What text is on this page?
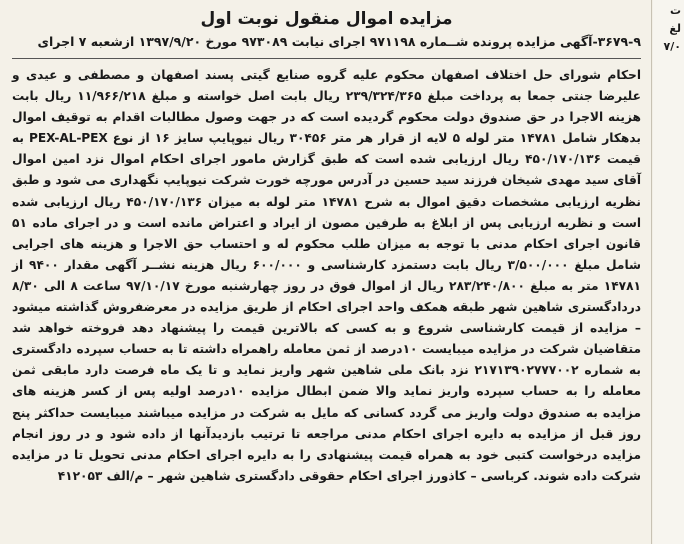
مزایده اموال منقول نوبت اول
۳۶۷۹-۹-آگهی مزایده پرونده شــماره ۹۷۱۱۹۸ اجرای نیابت ۹۷۳۰۸۹ مورخ ۱۳۹۷/۹/۲۰ ازشعبه ۷ اجرای
احکام شورای حل اختلاف اصفهان محکوم علیه گروه صنایع گیتی پسند اصفهان و مصطفی و عیدی و علیرضا جنتی جمعا به پرداخت مبلغ ۲۳۹/۳۲۴/۳۶۵ ریال بابت اصل خواسته و مبلغ ۱۱/۹۶۶/۲۱۸ ریال بابت هزینه الاجرا در حق صندوق دولت محکوم گردیده است که در جهت وصول مطالبات اقدام به توقیف اموال بدهکار شامل ۱۴۷۸۱ متر لوله ۵ لایه از قرار هر متر ۳۰۴۵۶ ریال نیوپایپ سایز ۱۶ از نوع PEX-AL-PEX به قیمت ۴۵۰/۱۷۰/۱۳۶ ریال ارزیابی شده است که طبق گزارش مامور اجرای احکام اموال نزد امین اموال آقای سید مهدی شیخان فرزند سید حسین در آدرس مورچه خورت شرکت نیوپایپ نگهداری می شود و طبق نظریه ارزیابی مشخصات دقیق اموال به شرح ۱۴۷۸۱ متر لوله به میزان ۴۵۰/۱۷۰/۱۳۶ ریال ارزیابی شده است و نظریه ارزیابی پس از ابلاغ به طرفین مصون از ایراد و اعتراض مانده است و در اجرای ماده ۵۱ قانون اجرای احکام مدنی با توجه به میزان طلب محکوم له و احتساب حق الاجرا و هزینه های اجرایی شامل مبلغ ۳/۵۰۰/۰۰۰ ریال بابت دستمزد کارشناسی و ۶۰۰/۰۰۰ ریال هزینه نشــر آگهی مقدار ۹۴۰۰ از ۱۴۷۸۱ متر به مبلغ ۲۸۳/۲۴۰/۸۰۰ ریال از اموال فوق در روز چهارشنبه مورخ ۹۷/۱۰/۱۷ ساعت ۸ الی ۸/۳۰ دردادگستری شاهین شهر طبقه همکف واحد اجرای احکام از طریق مزایده در معرضفروش گذاشته میشود – مزایده از قیمت کارشناسی شروع و به کسی که بالاترین قیمت را پیشنهاد دهد فروخته خواهد شد متقاضیان شرکت در مزایده میبایست ۱۰درصد از ثمن معامله راهمراه داشته تا به حساب سپرده دادگستری به شماره ۲۱۷۱۳۹۰۲۷۷۷۰۰۲ نزد بانک ملی شاهین شهر واریز نماید و تا یک ماه فرصت دارد مابقی ثمن معامله را به حساب سپرده واریز نماید والا ضمن ابطال مزایده ۱۰درصد اولیه پس از کسر هزینه های مزایده به صندوق دولت واریز می گردد کسانی که مایل به شرکت در مزایده میباشند میبایست حداکثر پنج روز قبل از مزایده به دایره اجرای احکام مدنی مراجعه تا ترتیب بازدیدآنها از داده شود و در روز انجام مزایده درخواست کتبی خود به همراه قیمت پیشنهادی را به دایره اجرای احکام مدنی تحویل تا در مزایده شرکت داده شوند. کرباسی – کاذورز اجرای احکام حقوقی دادگستری شاهین شهر – م/الف ۴۱۲۰۵۳
ت
لغ
۷/۰
